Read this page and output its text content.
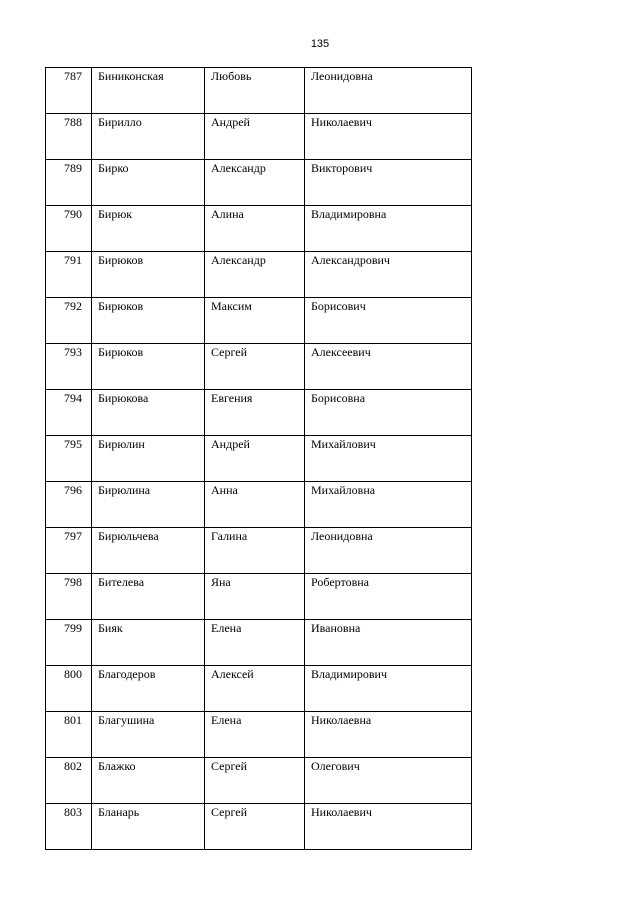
135
787	Биниконская	Любовь	Леонидовна
788	Бирилло	Андрей	Николаевич
789	Бирко	Александр	Викторович
790	Бирюк	Алина	Владимировна
791	Бирюков	Александр	Александрович
792	Бирюков	Максим	Борисович
793	Бирюков	Сергей	Алексеевич
794	Бирюкова	Евгения	Борисовна
795	Бирюлин	Андрей	Михайлович
796	Бирюлина	Анна	Михайловна
797	Бирюльчева	Галина	Леонидовна
798	Бителева	Яна	Робертовна
799	Бияк	Елена	Ивановна
800	Благодеров	Алексей	Владимирович
801	Благушина	Елена	Николаевна
802	Блажко	Сергей	Олегович
803	Бланарь	Сергей	Николаевич
